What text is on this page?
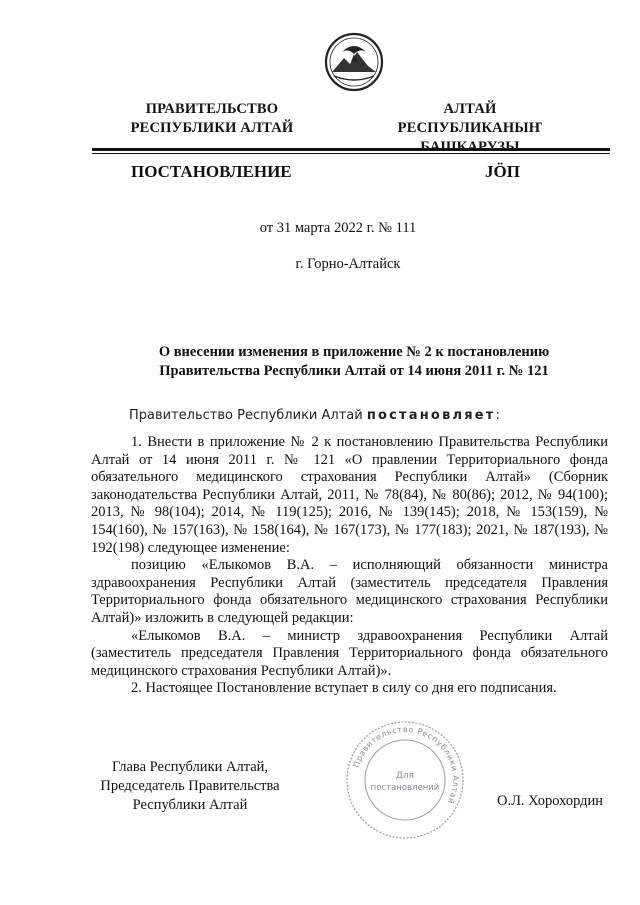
ПРАВИТЕЛЬСТВО
РЕСПУБЛИКИ АЛТАЙ
АЛТАЙ РЕСПУБЛИКАНЫҤ
БАШКАРУЗЫ
ПОСТАНОВЛЕНИЕ	JӦП
от 31 марта 2022 г. № 111
г. Горно-Алтайск
О внесении изменения в приложение № 2 к постановлению
Правительства Республики Алтай от 14 июня 2011 г. № 121

Правительство Республики Алтай постановляет:

1. Внести в приложение № 2 к постановлению Правительства Республики Алтай от 14 июня 2011 г. № 121 «О правлении Территориального фонда обязательного медицинского страхования Республики Алтай» (Сборник законодательства Республики Алтай, 2011, № 78(84), № 80(86); 2012, № 94(100); 2013, № 98(104); 2014, № 119(125); 2016, № 139(145); 2018, № 153(159), № 154(160), № 157(163), № 158(164), № 167(173), № 177(183); 2021, № 187(193), № 192(198) следующее изменение:

позицию «Елыкомов В.А. – исполняющий обязанности министра здравоохранения Республики Алтай (заместитель председателя Правления Территориального фонда обязательного медицинского страхования Республики Алтай)» изложить в следующей редакции:

«Елыкомов В.А. – министр здравоохранения Республики Алтай (заместитель председателя Правления Территориального фонда обязательного медицинского страхования Республики Алтай)».

2. Настоящее Постановление вступает в силу со дня его подписания.

Глава Республики Алтай,
Председатель Правительства
Республики Алтай
Правительство Республики Алтай
Для
постановлений
О.Л. Хорохордин
